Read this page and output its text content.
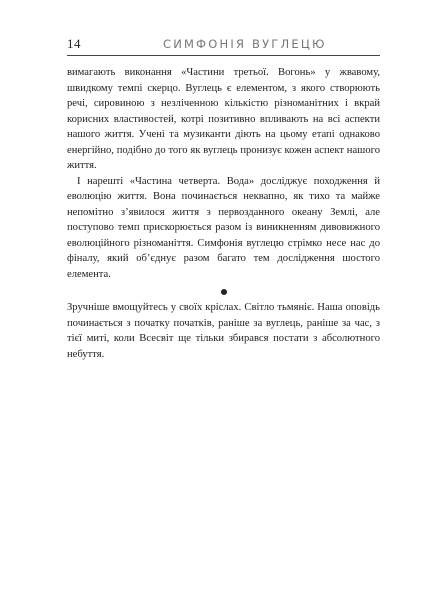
14	СИМФОНІЯ ВУГЛЕЦЮ

вимагають виконання «Частини третьої. Вогонь» у жвавому, швидкому темпі скерцо. Вуглець є елементом, з якого створюють речі, сировиною з незліченною кількістю різноманітних і вкрай корисних властивостей, котрі позитивно впливають на всі аспекти нашого життя. Учені та музиканти діють на цьому етапі однаково енергійно, подібно до того як вуглець пронизує кожен аспект нашого життя.

І нарешті «Частина четверта. Вода» досліджує походження й еволюцію життя. Вона починається неквапно, як тихо та майже непомітно з’явилося життя з первозданного океану Землі, але поступово темп прискорюється разом із виникненням дивовижного еволюційного різноманіття. Симфонія вуглецю стрімко несе нас до фіналу, який об’єднує разом багато тем дослідження шостого елемента.

Зручніше вмощуйтесь у своїх кріслах. Світло тьмяніє. Наша оповідь починається з початку початків, раніше за вуглець, раніше за час, з тієї миті, коли Всесвіт ще тільки збирався постати з абсолютного небуття.
